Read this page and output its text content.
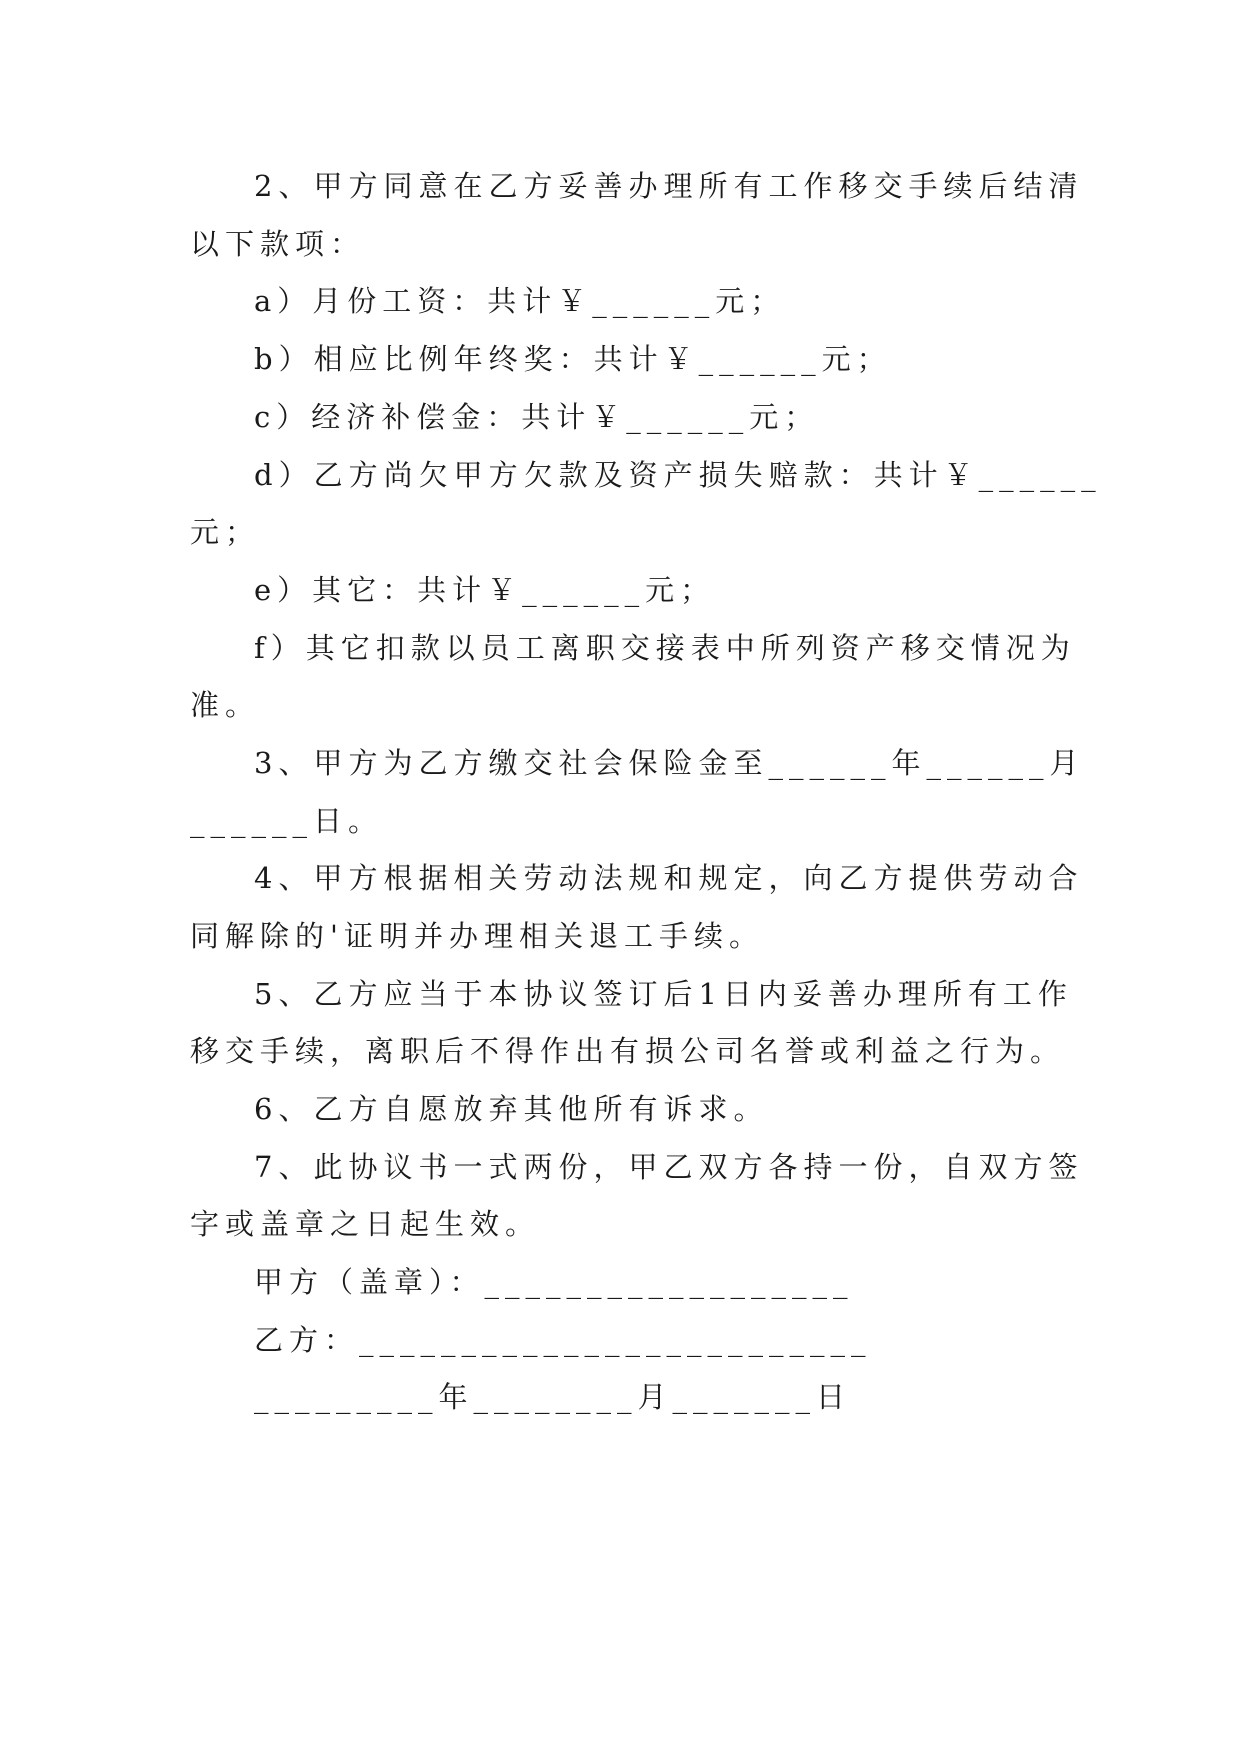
2、甲方同意在乙方妥善办理所有工作移交手续后结清
以下款项：
a）月份工资：共计￥______元；
b）相应比例年终奖：共计￥______元；
c）经济补偿金：共计￥______元；
d）乙方尚欠甲方欠款及资产损失赔款：共计￥______
元；
e）其它：共计￥______元；
f）其它扣款以员工离职交接表中所列资产移交情况为
准。
3、甲方为乙方缴交社会保险金至______年______月
______日。
4、甲方根据相关劳动法规和规定，向乙方提供劳动合
同解除的'证明并办理相关退工手续。
5、乙方应当于本协议签订后1日内妥善办理所有工作
移交手续，离职后不得作出有损公司名誉或利益之行为。
6、乙方自愿放弃其他所有诉求。
7、此协议书一式两份，甲乙双方各持一份，自双方签
字或盖章之日起生效。
甲方（盖章）：__________________
乙方：_________________________
_________年________月_______日
